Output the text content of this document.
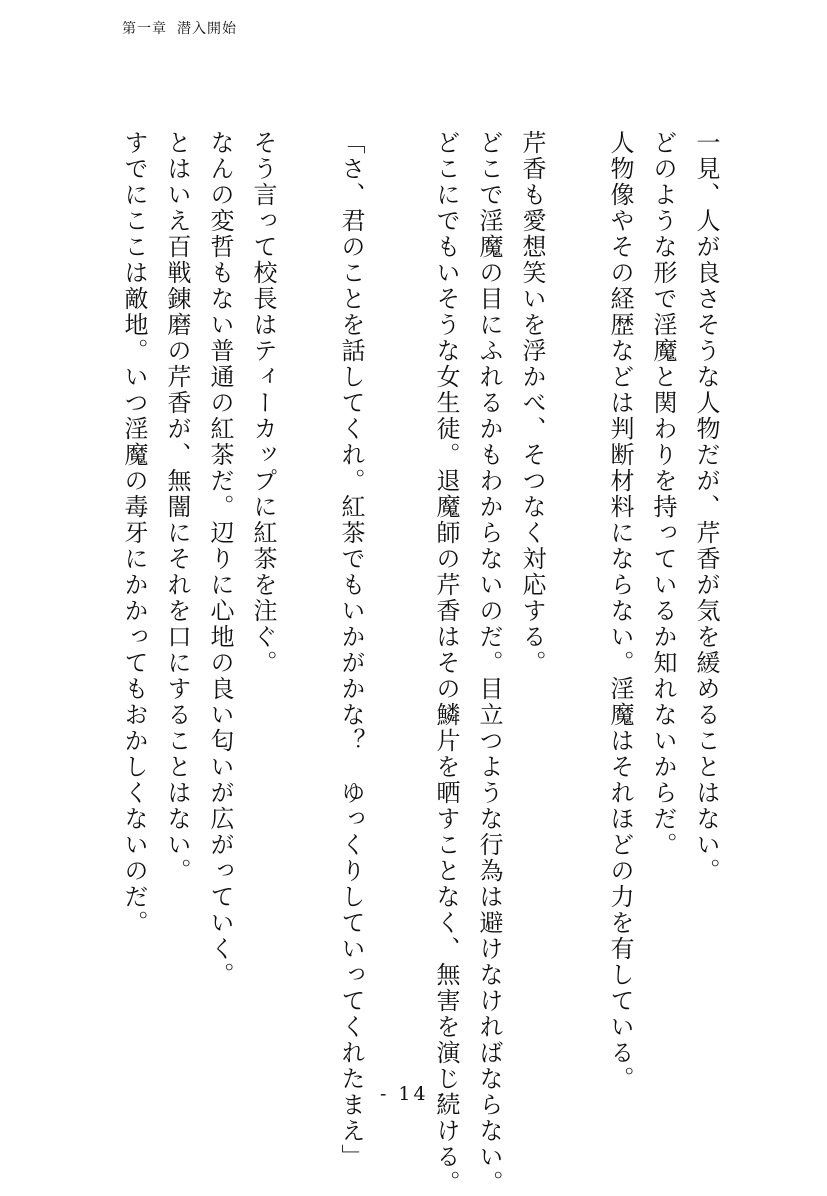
第一章 潜入開始
一見、人が良さそうな人物だが、芹香が気を緩めることはない。
どのような形で淫魔と関わりを持っているか知れないからだ。
人物像やその経歴などは判断材料にならない。淫魔はそれほどの力を有している。
芹香も愛想笑いを浮かべ、そつなく対応する。
どこで淫魔の目にふれるかもわからないのだ。目立つような行為は避けなければならない。
どこにでもいそうな女生徒。退魔師の芹香はその鱗片を晒すことなく、無害を演じ続ける。
「さ、君のことを話してくれ。紅茶でもいかがかな？　ゆっくりしていってくれたまえ」
そう言って校長はティーカップに紅茶を注ぐ。
なんの変哲もない普通の紅茶だ。辺りに心地の良い匂いが広がっていく。
とはいえ百戦錬磨の芹香が、無闇にそれを口にすることはない。
すでにここは敵地。いつ淫魔の毒牙にかかってもおかしくないのだ。
- 14 -
